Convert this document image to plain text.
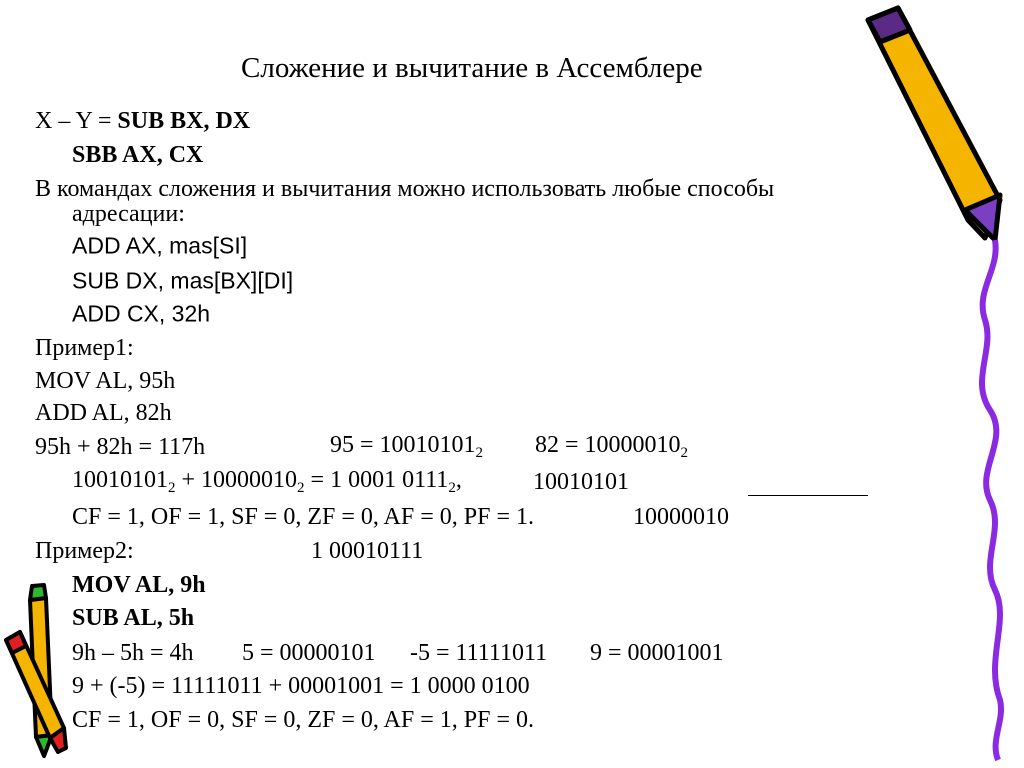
Сложение и вычитание в Ассемблере
X – Y = SUB BX, DX
SBB AX, CX
В командах сложения и вычитания можно использовать любые способы
адресации:
ADD AX, mas[SI]
SUB DX, mas[BX][DI]
ADD CX, 32h
Пример1:
MOV AL, 95h
ADD AL, 82h
95h + 82h = 117h	$95 = 10010101_2$ $82 = 10000010_2$
$10010101_2 + 10000010_2 = 1$ 0001 $0111_2$,	10010101
CF = 1, OF = 1, SF = 0, ZF = 0, AF = 0, PF = 1.	10000010
Пример2:	1 00010111
MOV AL, 9h
SUB AL, 5h
9h – 5h = 4h 5 = 00000101 -5 = 11111011 9 = 00001001
9 + (-5) = 11111011 + 00001001 = 1 0000 0100
CF = 1, OF = 0, SF = 0, ZF = 0, AF = 1, PF = 0.
